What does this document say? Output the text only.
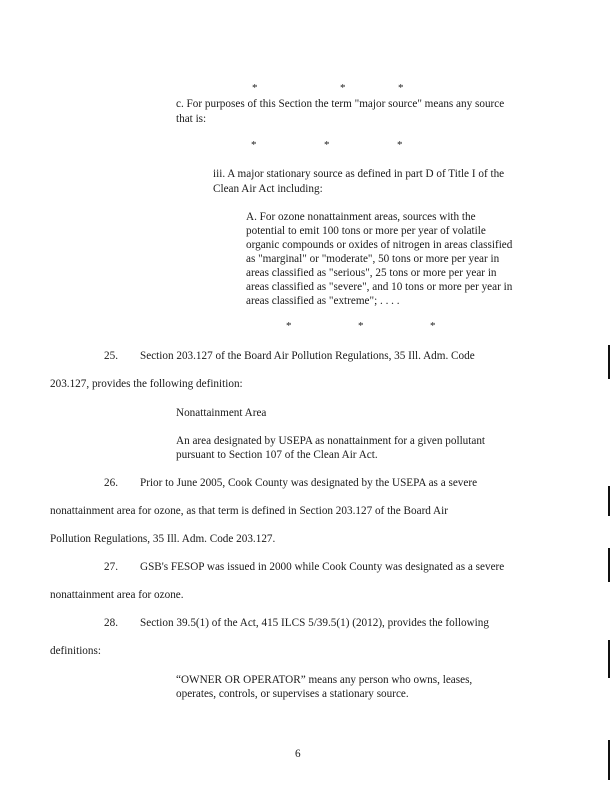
*	*	*
c. For purposes of this Section the term "major source" means any source
that is:
*	*	*
iii. A major stationary source as defined in part D of Title I of the
Clean Air Act including:
A. For ozone nonattainment areas, sources with the
potential to emit 100 tons or more per year of volatile
organic compounds or oxides of nitrogen in areas classified
as "marginal" or "moderate", 50 tons or more per year in
areas classified as "serious", 25 tons or more per year in
areas classified as "severe", and 10 tons or more per year in
areas classified as "extreme"; . . . .
*	*	*
25. Section 203.127 of the Board Air Pollution Regulations, 35 Ill. Adm. Code
203.127, provides the following definition:
Nonattainment Area
An area designated by USEPA as nonattainment for a given pollutant
pursuant to Section 107 of the Clean Air Act.
26. Prior to June 2005, Cook County was designated by the USEPA as a severe
nonattainment area for ozone, as that term is defined in Section 203.127 of the Board Air
Pollution Regulations, 35 Ill. Adm. Code 203.127.
27. GSB's FESOP was issued in 2000 while Cook County was designated as a severe
nonattainment area for ozone.
28. Section 39.5(1) of the Act, 415 ILCS 5/39.5(1) (2012), provides the following
definitions:
“OWNER OR OPERATOR” means any person who owns, leases,
operates, controls, or supervises a stationary source.
6
